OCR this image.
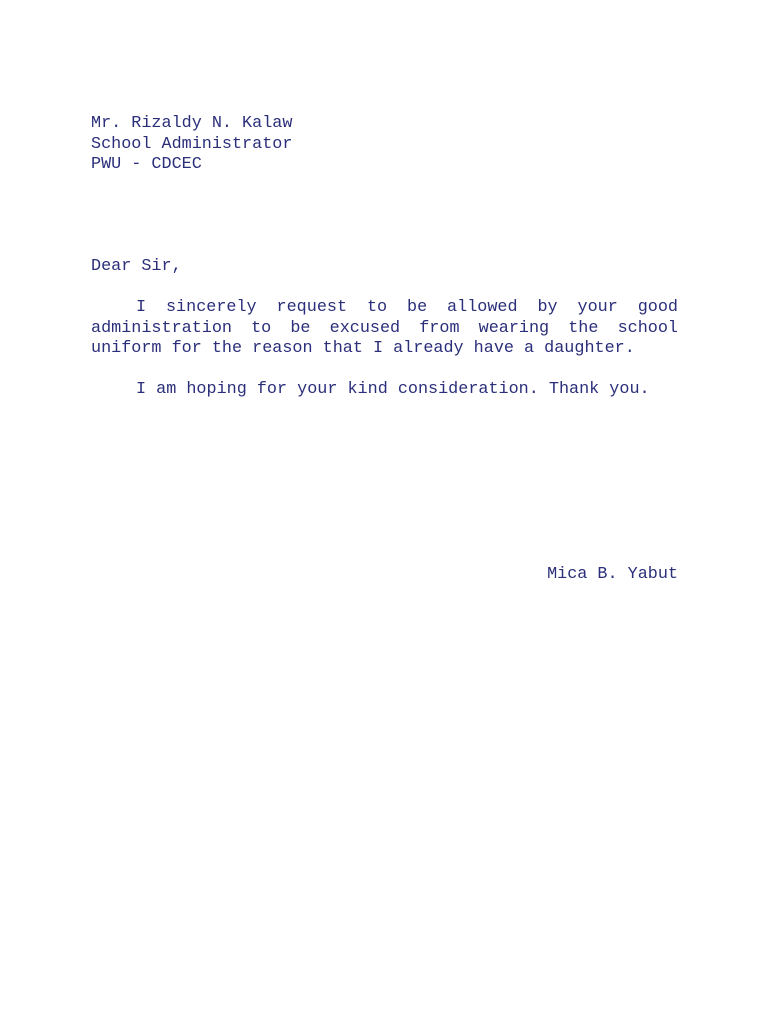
Mr. Rizaldy N. Kalaw
School Administrator
PWU - CDCEC
Dear Sir,

I sincerely request to be allowed by your good administration to be excused from wearing the school uniform for the reason that I already have a daughter.

I am hoping for your kind consideration. Thank you.

Mica B. Yabut
